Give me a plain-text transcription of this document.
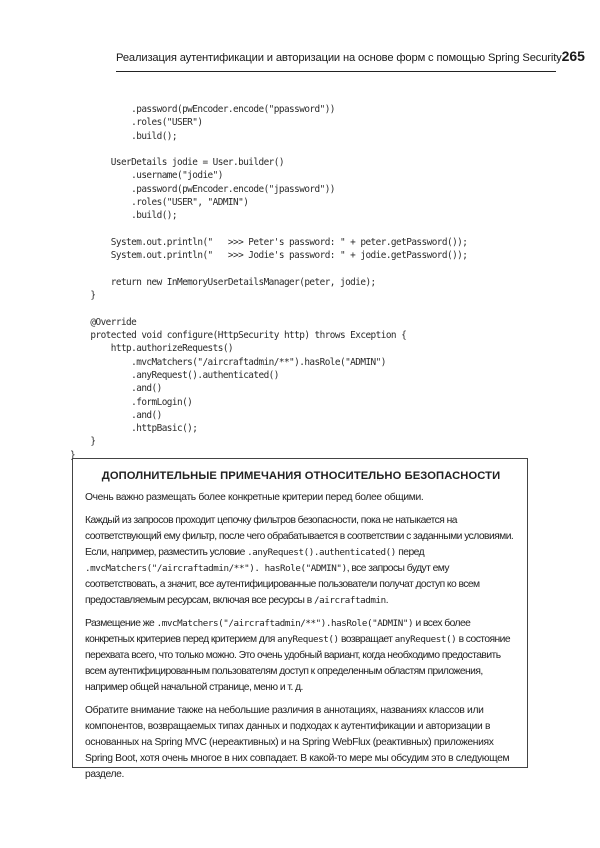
Реализация аутентификации и авторизации на основе форм с помощью Spring Security 265
.password(pwEncoder.encode("ppassword"))
.roles("USER")
.build();

UserDetails jodie = User.builder()
.username("jodie")
.password(pwEncoder.encode("jpassword"))
.roles("USER", "ADMIN")
.build();

System.out.println("   >>> Peter's password: " + peter.getPassword());
System.out.println("   >>> Jodie's password: " + jodie.getPassword());

return new InMemoryUserDetailsManager(peter, jodie);
}

@Override
protected void configure(HttpSecurity http) throws Exception {
http.authorizeRequests()
.mvcMatchers("/aircraftadmin/**").hasRole("ADMIN")
.anyRequest().authenticated()
.and()
.formLogin()
.and()
.httpBasic();
}
}

ДОПОЛНИТЕЛЬНЫЕ ПРИМЕЧАНИЯ ОТНОСИТЕЛЬНО БЕЗОПАСНОСТИ

Очень важно размещать более конкретные критерии перед более общими.

Каждый из запросов проходит цепочку фильтров безопасности, пока не натыкается на соответствующий ему фильтр, после чего обрабатывается в соответствии с заданными условиями. Если, например, разместить условие .anyRequest().authenticated() перед .mvcMatchers("/aircraftadmin/**"). hasRole("ADMIN"), все запросы будут ему соответствовать, а значит, все аутентифицированные пользователи получат доступ ко всем предоставляемым ресурсам, включая все ресурсы в /aircraftadmin.

Размещение же .mvcMatchers("/aircraftadmin/**").hasRole("ADMIN") и всех более конкретных критериев перед критерием для anyRequest() возвращает anyRequest() в состояние перехвата всего, что только можно. Это очень удобный вариант, когда необходимо предоставить всем аутентифицированным пользователям доступ к определенным областям приложения, например общей начальной странице, меню и т. д.

Обратите внимание также на небольшие различия в аннотациях, названиях классов или компонентов, возвращаемых типах данных и подходах к аутентификации и авторизации в основанных на Spring MVC (нереактивных) и на Spring WebFlux (реактивных) приложениях Spring Boot, хотя очень многое в них совпадает. В какой-то мере мы обсудим это в следующем разделе.
